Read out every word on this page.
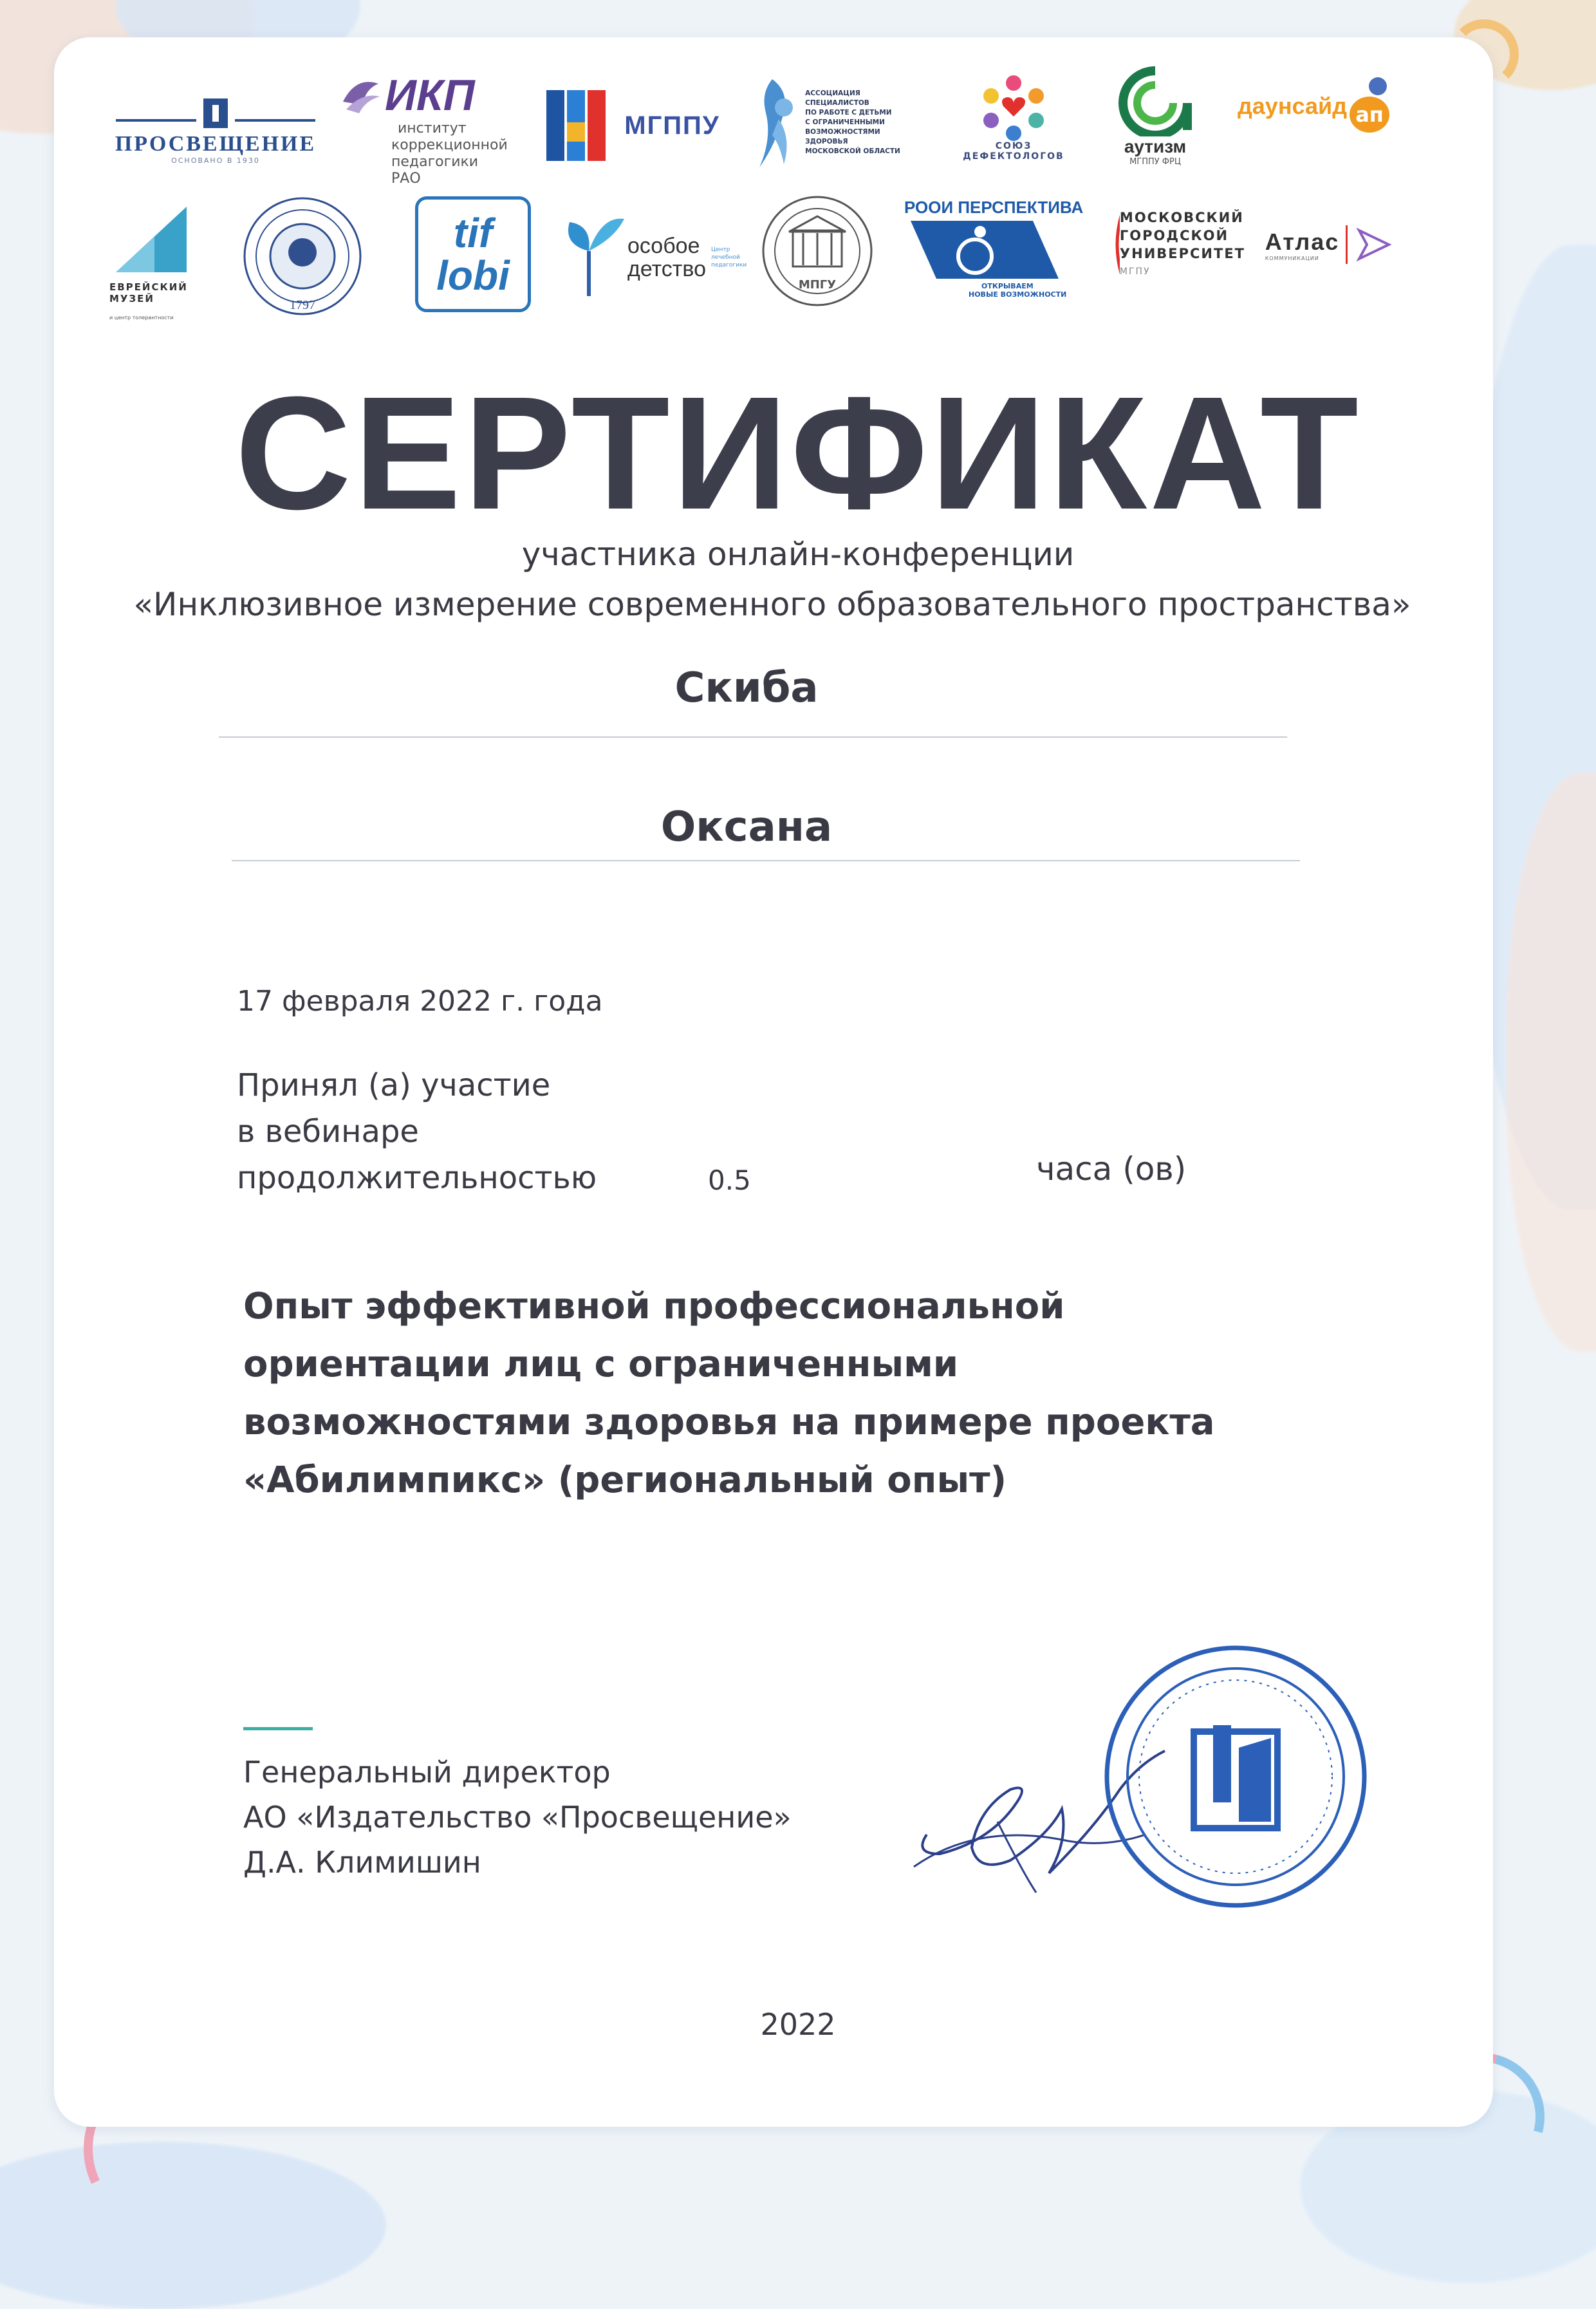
ПРОСВЕЩЕНИЕ
ОСНОВАНО В 1930
ИКП
институт
коррекционной
педагогики РАО
МГППУ
АССОЦИАЦИЯ СПЕЦИАЛИСТОВ
ПО РАБОТЕ С ДЕТЬМИ
С ОГРАНИЧЕННЫМИ
ВОЗМОЖНОСТЯМИ ЗДОРОВЬЯ
МОСКОВСКОЙ ОБЛАСТИ	СОЮЗ
ДЕФЕКТОЛОГОВ
аутизм
МГППУ ФРЦ
даунсайд ап
ЕВРЕЙСКИЙ
МУЗЕЙ
и центр толерантности
1797
tif
lobi
особое
детство
Центр лечебной педагогики
МПГУ
РООИ ПЕРСПЕКТИВА
ОТКРЫВАЕМ
НОВЫЕ ВОЗМОЖНОСТИ
МОСКОВСКИЙ
ГОРОДСКОЙ
УНИВЕРСИТЕТ
МГПУ
Атлас
КОММУНИКАЦИИ
СЕРТИФИКАТ
участника онлайн-конференции
«Инклюзивное измерение современного образовательного пространства»
Скиба
Оксана
17 февраля 2022 г. года
Принял (а) участие
в вебинаре
продолжительностью	0.5	часа (ов)
Опыт эффективной профессиональной
ориентации лиц с ограниченными
возможностями здоровья на примере проекта
«Абилимпикс» (региональный опыт)
Генеральный директор
АО «Издательство «Просвещение»
Д.А. Климишин
2022
